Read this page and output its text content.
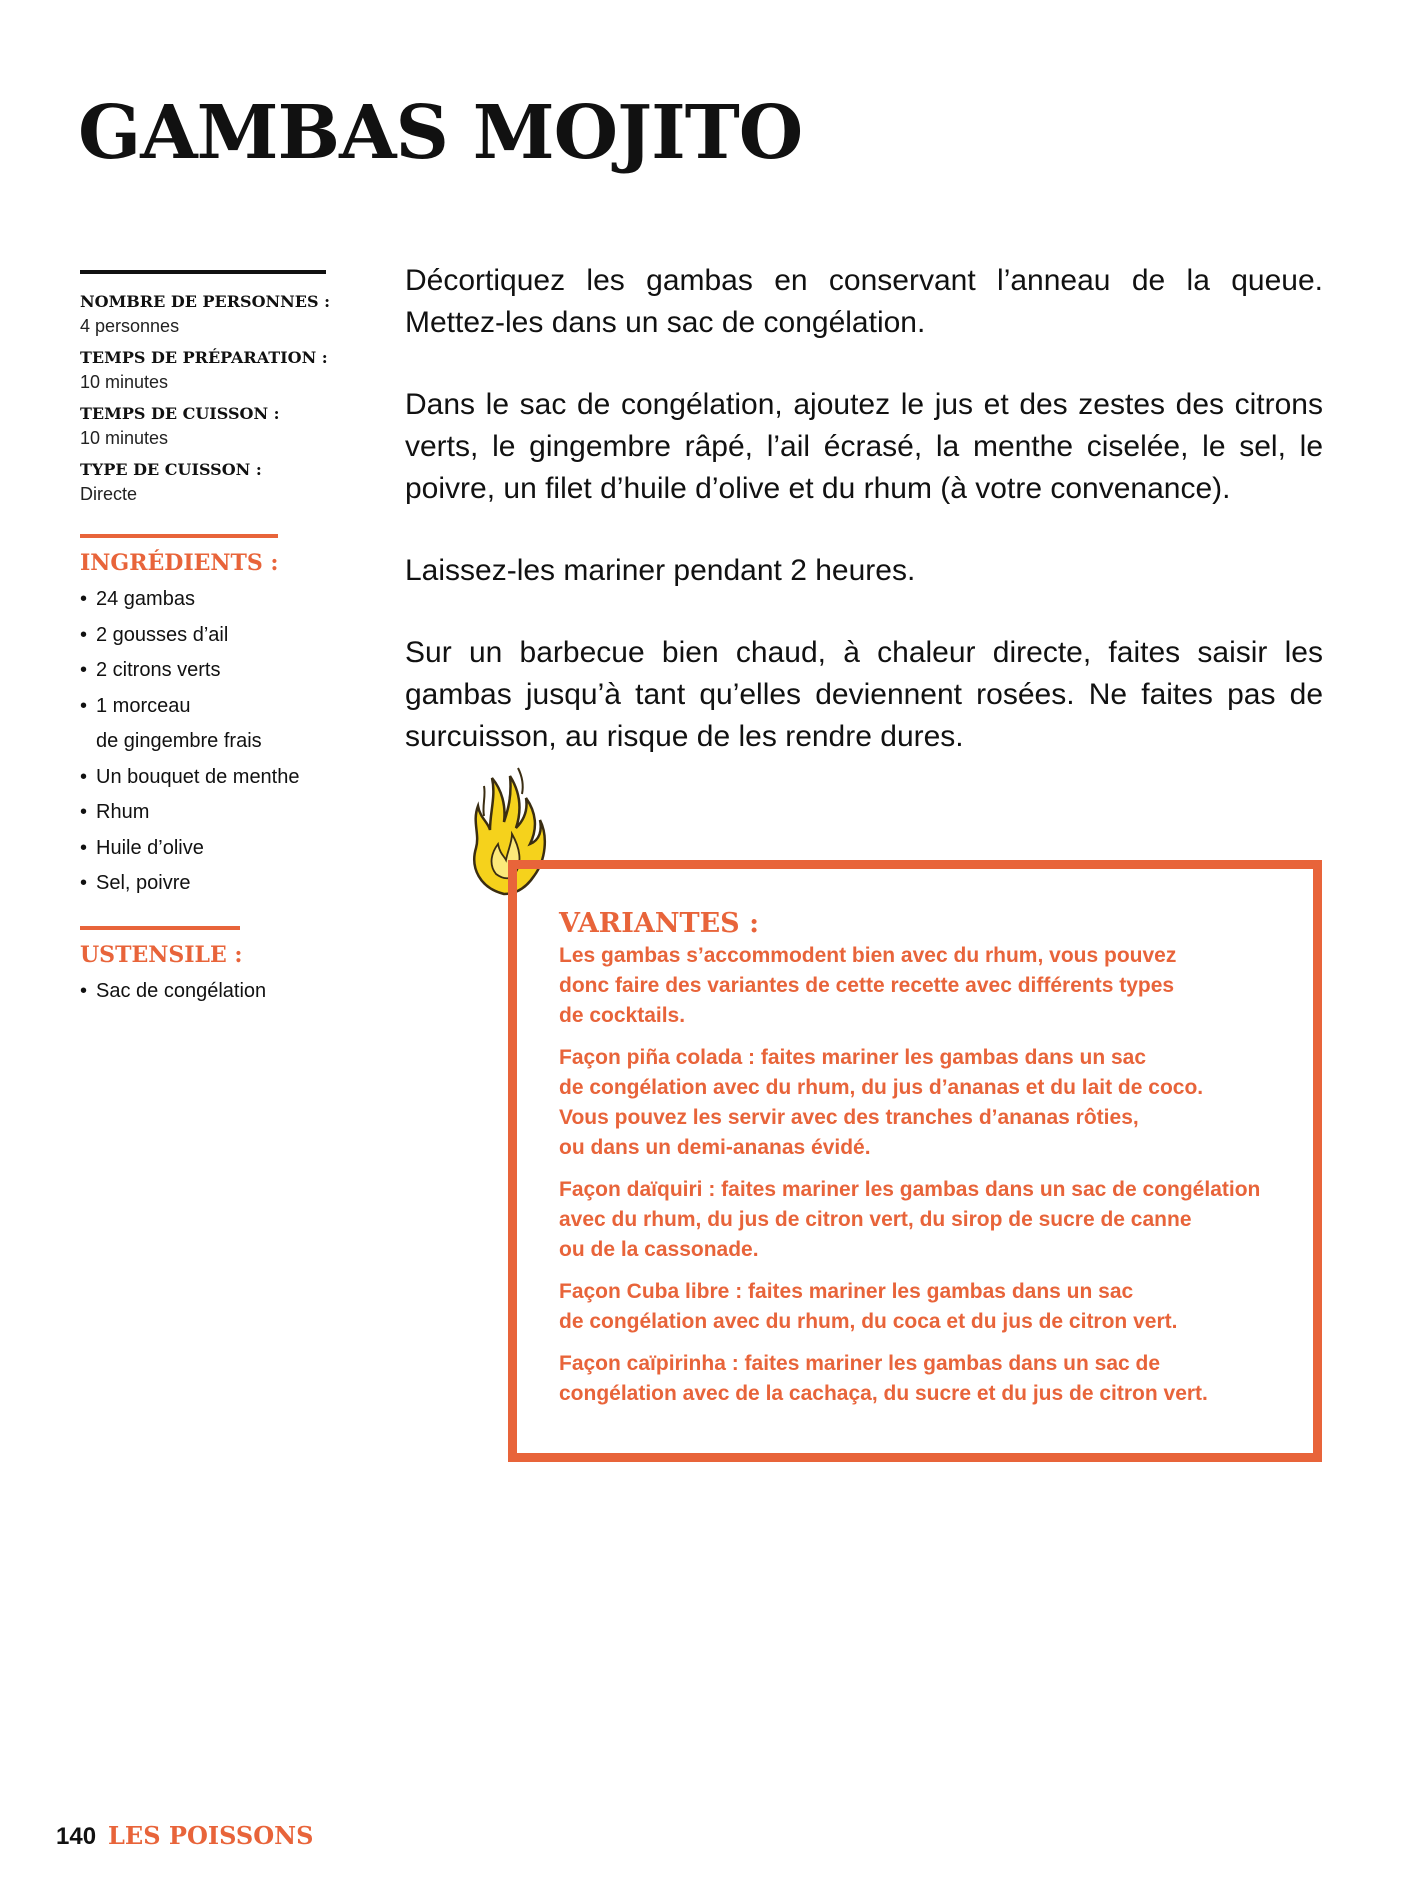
GAMBAS MOJITO
NOMBRE DE PERSONNES :
4 personnes
TEMPS DE PRÉPARATION :
10 minutes
TEMPS DE CUISSON :
10 minutes
TYPE DE CUISSON :
Directe
INGRÉDIENTS :
• 24 gambas
• 2 gousses d’ail
• 2 citrons verts
• 1 morceau
de gingembre frais
• Un bouquet de menthe
• Rhum
• Huile d’olive
• Sel, poivre
USTENSILE :
• Sac de congélation

Décortiquez les gambas en conservant l’anneau de la queue. Mettez-les dans un sac de congélation.

Dans le sac de congélation, ajoutez le jus et des zestes des citrons verts, le gingembre râpé, l’ail écrasé, la menthe ciselée, le sel, le poivre, un filet d’huile d’olive et du rhum (à votre convenance).

Laissez-les mariner pendant 2 heures.

Sur un barbecue bien chaud, à chaleur directe, faites saisir les gambas jusqu’à tant qu’elles deviennent rosées. Ne faites pas de surcuisson, au risque de les rendre dures.

VARIANTES :

Les gambas s’accommodent bien avec du rhum, vous pouvez
donc faire des variantes de cette recette avec différents types
de cocktails.

Façon piña colada : faites mariner les gambas dans un sac
de congélation avec du rhum, du jus d’ananas et du lait de coco.
Vous pouvez les servir avec des tranches d’ananas rôties,
ou dans un demi-ananas évidé.

Façon daïquiri : faites mariner les gambas dans un sac de congélation
avec du rhum, du jus de citron vert, du sirop de sucre de canne
ou de la cassonade.

Façon Cuba libre : faites mariner les gambas dans un sac
de congélation avec du rhum, du coca et du jus de citron vert.

Façon caïpirinha : faites mariner les gambas dans un sac de
congélation avec de la cachaça, du sucre et du jus de citron vert.

140 LES POISSONS
